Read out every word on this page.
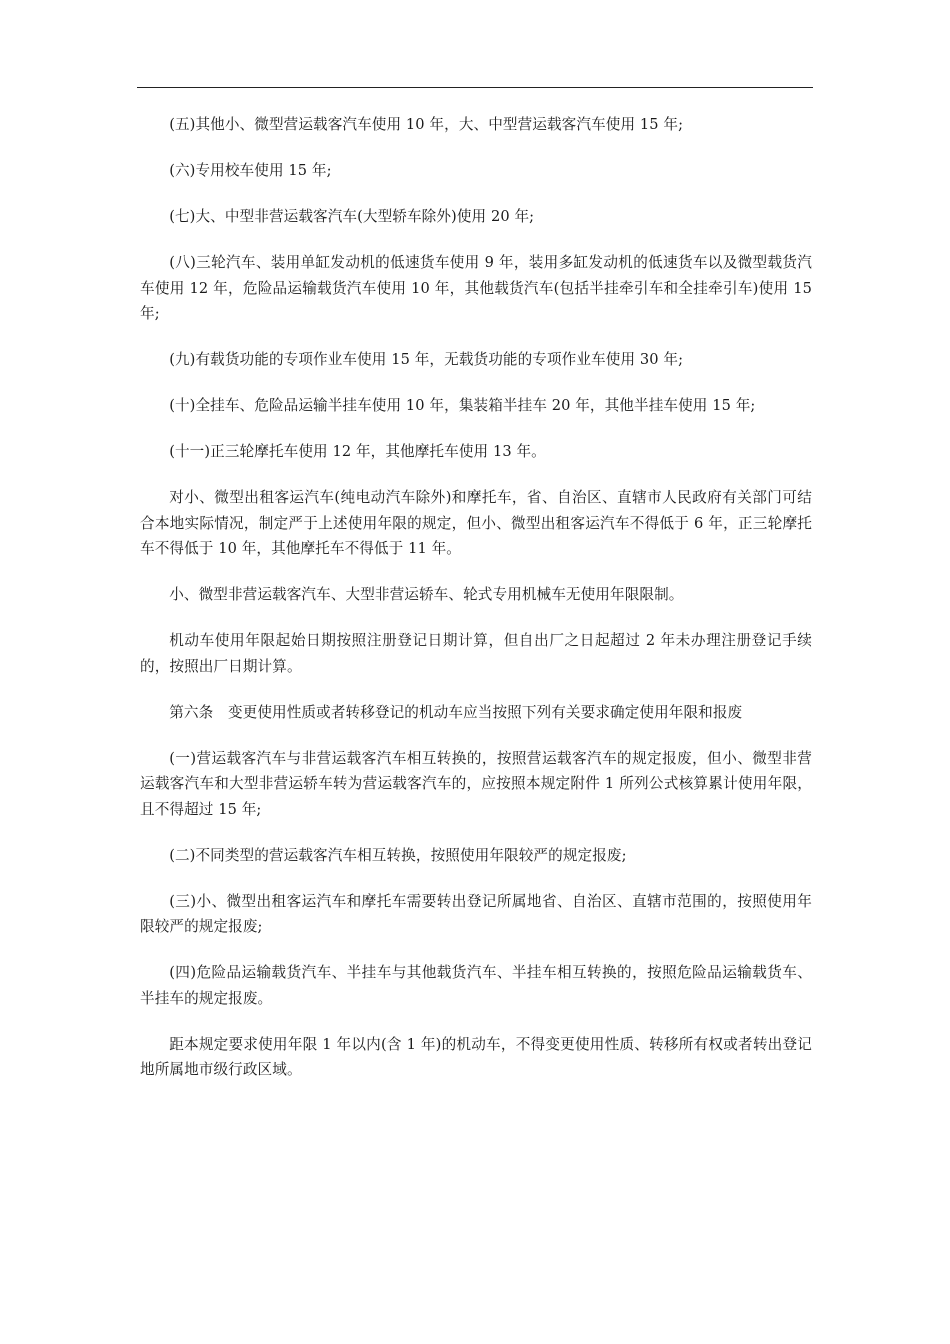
(五)其他小、微型营运载客汽车使用 10 年，大、中型营运载客汽车使用 15 年;

(六)专用校车使用 15 年;

(七)大、中型非营运载客汽车(大型轿车除外)使用 20 年;

(八)三轮汽车、装用单缸发动机的低速货车使用 9 年，装用多缸发动机的低速货车以及微型载货汽车使用 12 年，危险品运输载货汽车使用 10 年，其他载货汽车(包括半挂牵引车和全挂牵引车)使用 15 年;

(九)有载货功能的专项作业车使用 15 年，无载货功能的专项作业车使用 30 年;

(十)全挂车、危险品运输半挂车使用 10 年，集装箱半挂车 20 年，其他半挂车使用 15 年;

(十一)正三轮摩托车使用 12 年，其他摩托车使用 13 年。

对小、微型出租客运汽车(纯电动汽车除外)和摩托车，省、自治区、直辖市人民政府有关部门可结合本地实际情况，制定严于上述使用年限的规定，但小、微型出租客运汽车不得低于 6 年，正三轮摩托车不得低于 10 年，其他摩托车不得低于 11 年。

小、微型非营运载客汽车、大型非营运轿车、轮式专用机械车无使用年限限制。

机动车使用年限起始日期按照注册登记日期计算，但自出厂之日起超过 2 年未办理注册登记手续的，按照出厂日期计算。

第六条　变更使用性质或者转移登记的机动车应当按照下列有关要求确定使用年限和报废

(一)营运载客汽车与非营运载客汽车相互转换的，按照营运载客汽车的规定报废，但小、微型非营运载客汽车和大型非营运轿车转为营运载客汽车的，应按照本规定附件 1 所列公式核算累计使用年限，且不得超过 15 年;

(二)不同类型的营运载客汽车相互转换，按照使用年限较严的规定报废;

(三)小、微型出租客运汽车和摩托车需要转出登记所属地省、自治区、直辖市范围的，按照使用年限较严的规定报废;

(四)危险品运输载货汽车、半挂车与其他载货汽车、半挂车相互转换的，按照危险品运输载货车、半挂车的规定报废。

距本规定要求使用年限 1 年以内(含 1 年)的机动车，不得变更使用性质、转移所有权或者转出登记地所属地市级行政区域。
